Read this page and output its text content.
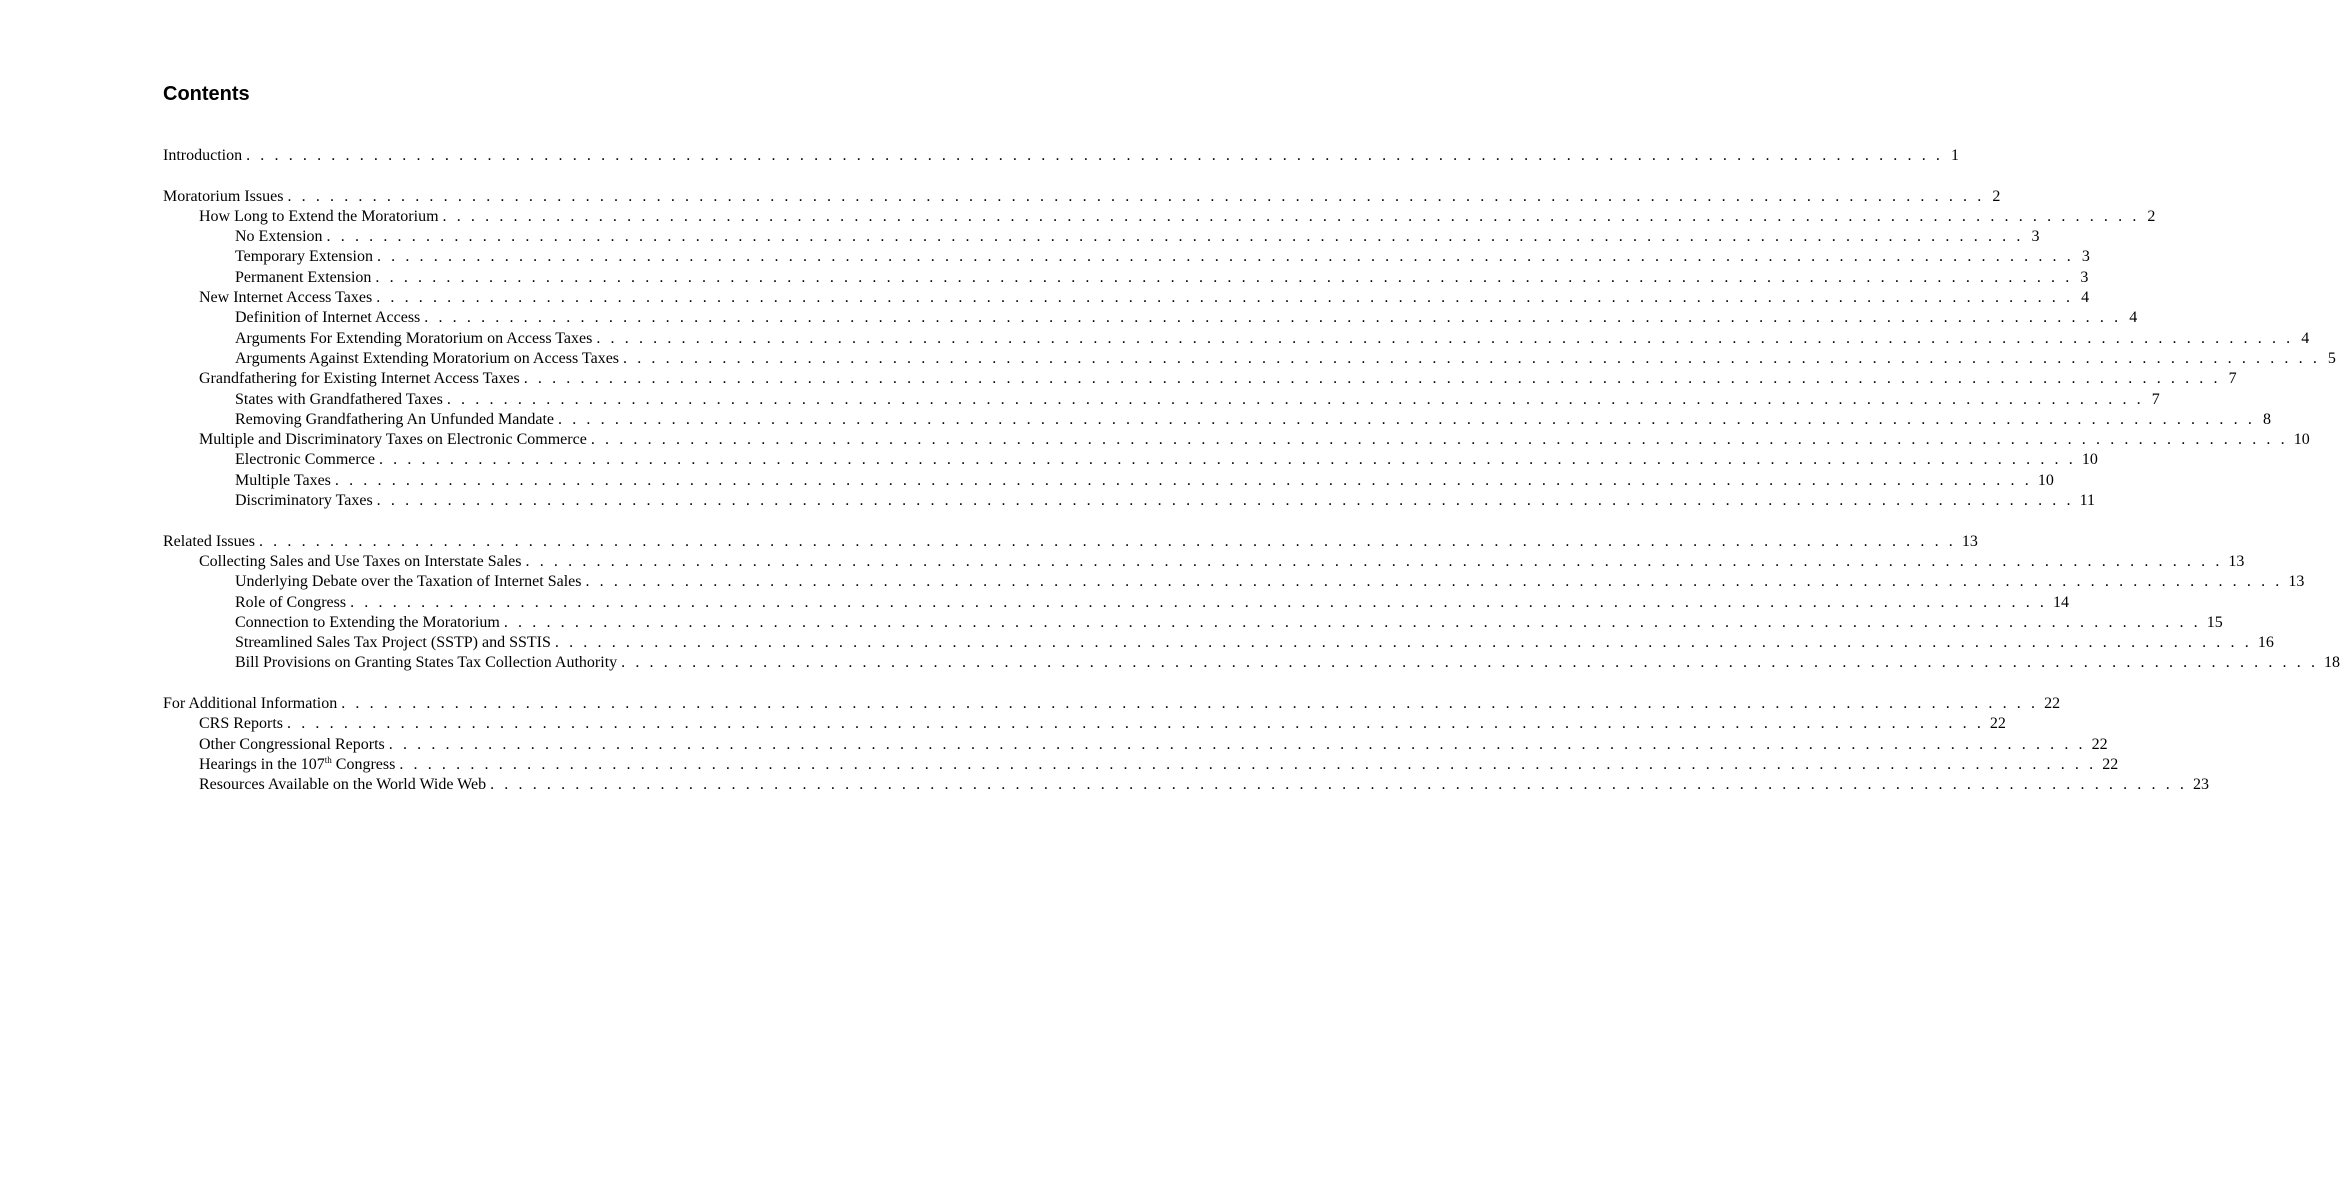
Contents
Introduction . . . . . . . . . . . . . . . . . . . . . . . . . . . . . . . . . . . . . . . . . . . . . . . . . . . . . . . . . . . . . . . . . . . . . . . . . . . . . . . . . . . . . . . . . . . . . . . . . . . . . . . . . . . . . . . . . . . . . . . . 1
Moratorium Issues . . . . . . . . . . . . . . . . . . . . . . . . . . . . . . . . . . . . . . . . . . . . . . . . . . . . . . . . . . . . . . . . . . . . . . . . . . . . . . . . . . . . . . . . . . . . . . . . . . . . . . . . . . . . . . . . . . . . . . . . 2
How Long to Extend the Moratorium . . . . . . . . . . . . . . . . . . . . . . . . . . . . . . . . . . . . . . . . . . . . . . . . . . . . . . . . . . . . . . . . . . . . . . . . . . . . . . . . . . . . . . . . . . . . . . . . . . . . . . . . . . . . . . . . . . . . . . . . 2
No Extension . . . . . . . . . . . . . . . . . . . . . . . . . . . . . . . . . . . . . . . . . . . . . . . . . . . . . . . . . . . . . . . . . . . . . . . . . . . . . . . . . . . . . . . . . . . . . . . . . . . . . . . . . . . . . . . . . . . . . . . . 3
Temporary Extension . . . . . . . . . . . . . . . . . . . . . . . . . . . . . . . . . . . . . . . . . . . . . . . . . . . . . . . . . . . . . . . . . . . . . . . . . . . . . . . . . . . . . . . . . . . . . . . . . . . . . . . . . . . . . . . . . . . . . . . . 3
Permanent Extension . . . . . . . . . . . . . . . . . . . . . . . . . . . . . . . . . . . . . . . . . . . . . . . . . . . . . . . . . . . . . . . . . . . . . . . . . . . . . . . . . . . . . . . . . . . . . . . . . . . . . . . . . . . . . . . . . . . . . . . . 3
New Internet Access Taxes . . . . . . . . . . . . . . . . . . . . . . . . . . . . . . . . . . . . . . . . . . . . . . . . . . . . . . . . . . . . . . . . . . . . . . . . . . . . . . . . . . . . . . . . . . . . . . . . . . . . . . . . . . . . . . . . . . . . . . . . 4
Definition of Internet Access . . . . . . . . . . . . . . . . . . . . . . . . . . . . . . . . . . . . . . . . . . . . . . . . . . . . . . . . . . . . . . . . . . . . . . . . . . . . . . . . . . . . . . . . . . . . . . . . . . . . . . . . . . . . . . . . . . . . . . . . 4
Arguments For Extending Moratorium on Access Taxes . . . . . . . . . . . . . . . . . . . . . . . . . . . . . . . . . . . . . . . . . . . . . . . . . . . . . . . . . . . . . . . . . . . . . . . . . . . . . . . . . . . . . . . . . . . . . . . . . . . . . . . . . . . . . . . . . . . . . . . . 4
Arguments Against Extending Moratorium on Access Taxes . . . . . . . . . . . . . . . . . . . . . . . . . . . . . . . . . . . . . . . . . . . . . . . . . . . . . . . . . . . . . . . . . . . . . . . . . . . . . . . . . . . . . . . . . . . . . . . . . . . . . . . . . . . . . . . . . . . . . . . . 5
Grandfathering for Existing Internet Access Taxes . . . . . . . . . . . . . . . . . . . . . . . . . . . . . . . . . . . . . . . . . . . . . . . . . . . . . . . . . . . . . . . . . . . . . . . . . . . . . . . . . . . . . . . . . . . . . . . . . . . . . . . . . . . . . . . . . . . . . . . . 7
States with Grandfathered Taxes . . . . . . . . . . . . . . . . . . . . . . . . . . . . . . . . . . . . . . . . . . . . . . . . . . . . . . . . . . . . . . . . . . . . . . . . . . . . . . . . . . . . . . . . . . . . . . . . . . . . . . . . . . . . . . . . . . . . . . . . 7
Removing Grandfathering An Unfunded Mandate . . . . . . . . . . . . . . . . . . . . . . . . . . . . . . . . . . . . . . . . . . . . . . . . . . . . . . . . . . . . . . . . . . . . . . . . . . . . . . . . . . . . . . . . . . . . . . . . . . . . . . . . . . . . . . . . . . . . . . . . 8
Multiple and Discriminatory Taxes on Electronic Commerce . . . . . . . . . . . . . . . . . . . . . . . . . . . . . . . . . . . . . . . . . . . . . . . . . . . . . . . . . . . . . . . . . . . . . . . . . . . . . . . . . . . . . . . . . . . . . . . . . . . . . . . . . . . . . . . . . . . . . . . . 10
Electronic Commerce . . . . . . . . . . . . . . . . . . . . . . . . . . . . . . . . . . . . . . . . . . . . . . . . . . . . . . . . . . . . . . . . . . . . . . . . . . . . . . . . . . . . . . . . . . . . . . . . . . . . . . . . . . . . . . . . . . . . . . . . 10
Multiple Taxes . . . . . . . . . . . . . . . . . . . . . . . . . . . . . . . . . . . . . . . . . . . . . . . . . . . . . . . . . . . . . . . . . . . . . . . . . . . . . . . . . . . . . . . . . . . . . . . . . . . . . . . . . . . . . . . . . . . . . . . . 10
Discriminatory Taxes . . . . . . . . . . . . . . . . . . . . . . . . . . . . . . . . . . . . . . . . . . . . . . . . . . . . . . . . . . . . . . . . . . . . . . . . . . . . . . . . . . . . . . . . . . . . . . . . . . . . . . . . . . . . . . . . . . . . . . . . 11
Related Issues . . . . . . . . . . . . . . . . . . . . . . . . . . . . . . . . . . . . . . . . . . . . . . . . . . . . . . . . . . . . . . . . . . . . . . . . . . . . . . . . . . . . . . . . . . . . . . . . . . . . . . . . . . . . . . . . . . . . . . . . 13
Collecting Sales and Use Taxes on Interstate Sales . . . . . . . . . . . . . . . . . . . . . . . . . . . . . . . . . . . . . . . . . . . . . . . . . . . . . . . . . . . . . . . . . . . . . . . . . . . . . . . . . . . . . . . . . . . . . . . . . . . . . . . . . . . . . . . . . . . . . . . . 13
Underlying Debate over the Taxation of Internet Sales . . . . . . . . . . . . . . . . . . . . . . . . . . . . . . . . . . . . . . . . . . . . . . . . . . . . . . . . . . . . . . . . . . . . . . . . . . . . . . . . . . . . . . . . . . . . . . . . . . . . . . . . . . . . . . . . . . . . . . . . 13
Role of Congress . . . . . . . . . . . . . . . . . . . . . . . . . . . . . . . . . . . . . . . . . . . . . . . . . . . . . . . . . . . . . . . . . . . . . . . . . . . . . . . . . . . . . . . . . . . . . . . . . . . . . . . . . . . . . . . . . . . . . . . . 14
Connection to Extending the Moratorium . . . . . . . . . . . . . . . . . . . . . . . . . . . . . . . . . . . . . . . . . . . . . . . . . . . . . . . . . . . . . . . . . . . . . . . . . . . . . . . . . . . . . . . . . . . . . . . . . . . . . . . . . . . . . . . . . . . . . . . . 15
Streamlined Sales Tax Project (SSTP) and SSTIS . . . . . . . . . . . . . . . . . . . . . . . . . . . . . . . . . . . . . . . . . . . . . . . . . . . . . . . . . . . . . . . . . . . . . . . . . . . . . . . . . . . . . . . . . . . . . . . . . . . . . . . . . . . . . . . . . . . . . . . . 16
Bill Provisions on Granting States Tax Collection Authority . . . . . . . . . . . . . . . . . . . . . . . . . . . . . . . . . . . . . . . . . . . . . . . . . . . . . . . . . . . . . . . . . . . . . . . . . . . . . . . . . . . . . . . . . . . . . . . . . . . . . . . . . . . . . . . . . . . . . . . . 18
For Additional Information . . . . . . . . . . . . . . . . . . . . . . . . . . . . . . . . . . . . . . . . . . . . . . . . . . . . . . . . . . . . . . . . . . . . . . . . . . . . . . . . . . . . . . . . . . . . . . . . . . . . . . . . . . . . . . . . . . . . . . . . 22
CRS Reports . . . . . . . . . . . . . . . . . . . . . . . . . . . . . . . . . . . . . . . . . . . . . . . . . . . . . . . . . . . . . . . . . . . . . . . . . . . . . . . . . . . . . . . . . . . . . . . . . . . . . . . . . . . . . . . . . . . . . . . . 22
Other Congressional Reports . . . . . . . . . . . . . . . . . . . . . . . . . . . . . . . . . . . . . . . . . . . . . . . . . . . . . . . . . . . . . . . . . . . . . . . . . . . . . . . . . . . . . . . . . . . . . . . . . . . . . . . . . . . . . . . . . . . . . . . . 22
Hearings in the 107th Congress . . . . . . . . . . . . . . . . . . . . . . . . . . . . . . . . . . . . . . . . . . . . . . . . . . . . . . . . . . . . . . . . . . . . . . . . . . . . . . . . . . . . . . . . . . . . . . . . . . . . . . . . . . . . . . . . . . . . . . . . 22
Resources Available on the World Wide Web . . . . . . . . . . . . . . . . . . . . . . . . . . . . . . . . . . . . . . . . . . . . . . . . . . . . . . . . . . . . . . . . . . . . . . . . . . . . . . . . . . . . . . . . . . . . . . . . . . . . . . . . . . . . . . . . . . . . . . . . 23
